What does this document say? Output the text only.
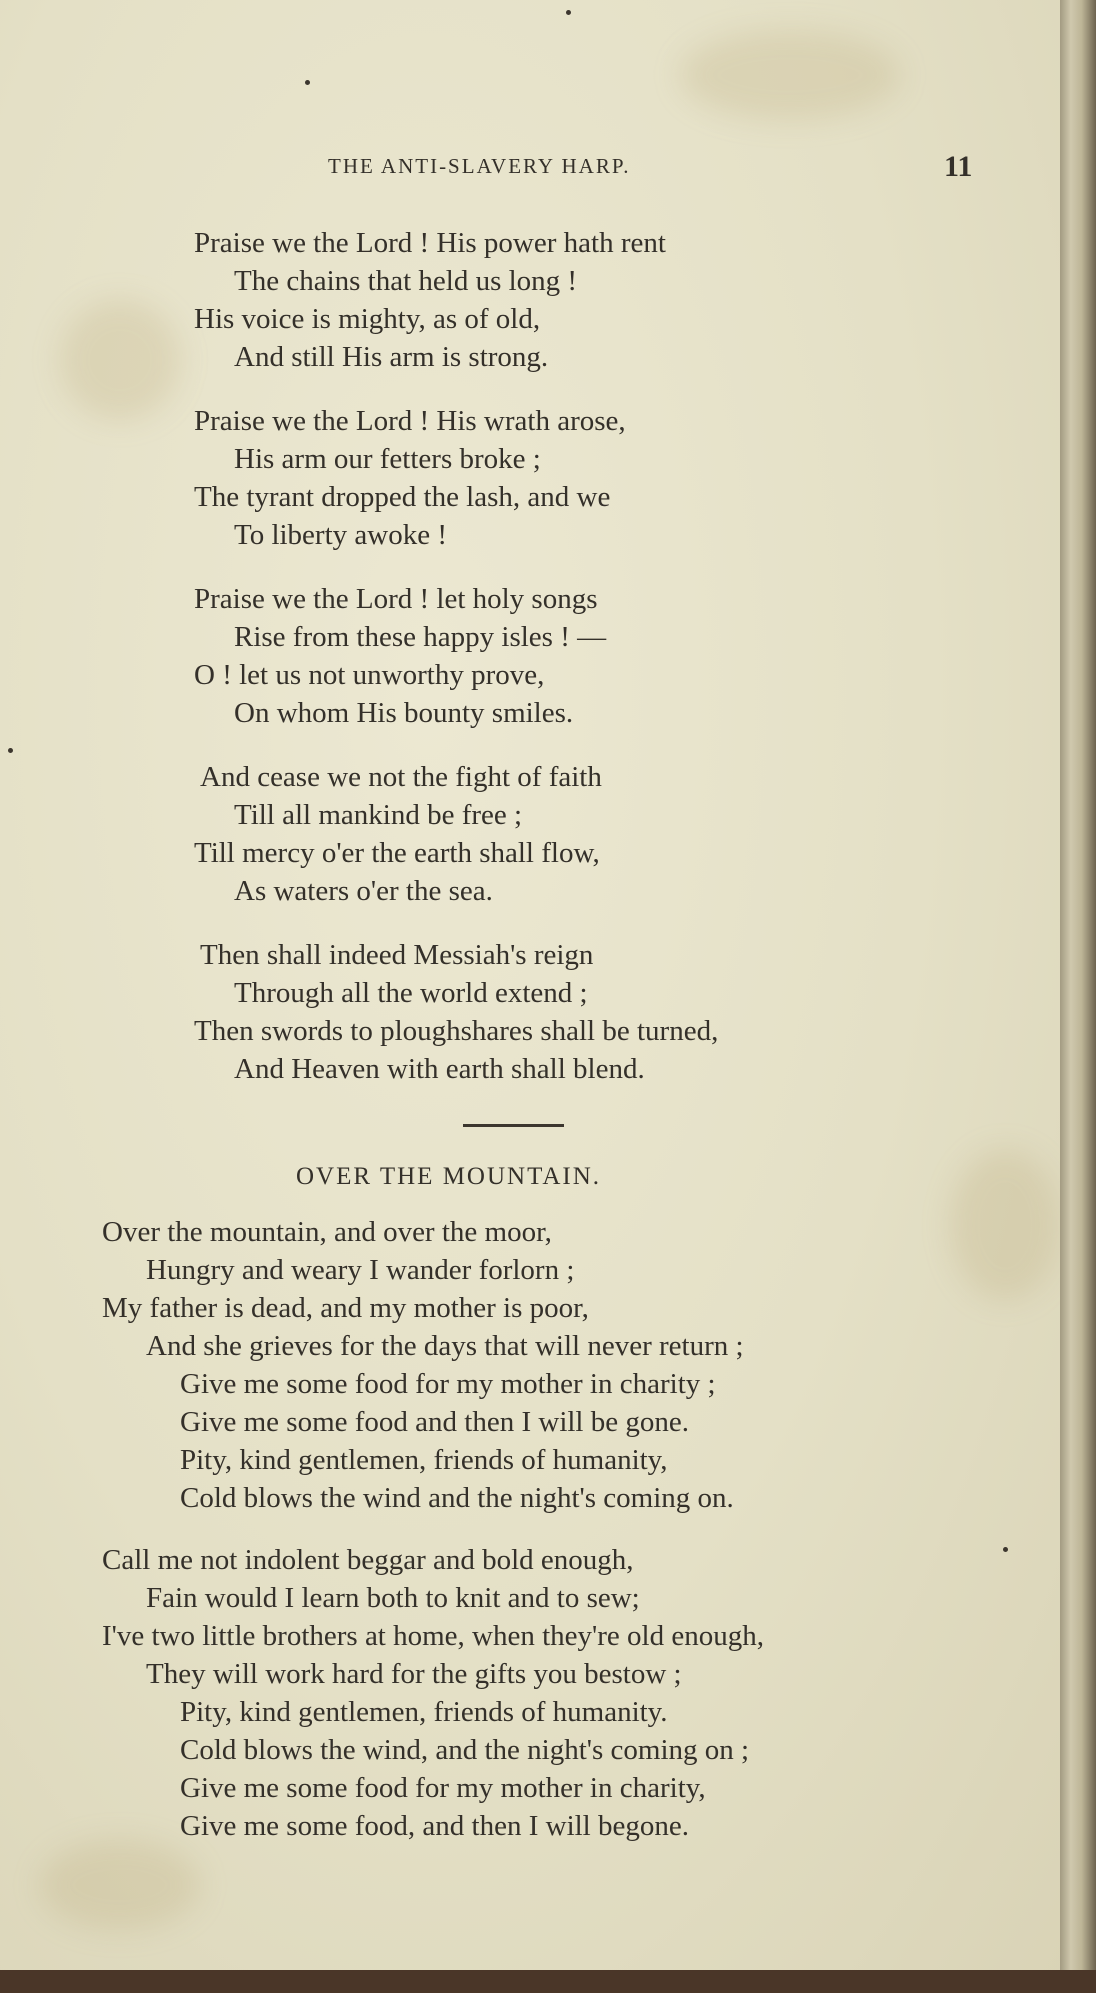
THE ANTI-SLAVERY HARP.	11
Praise we the Lord ! His power hath rent
The chains that held us long !
His voice is mighty, as of old,
And still His arm is strong.
Praise we the Lord ! His wrath arose,
His arm our fetters broke ;
The tyrant dropped the lash, and we
To liberty awoke !
Praise we the Lord ! let holy songs
Rise from these happy isles ! —
O ! let us not unworthy prove,
On whom His bounty smiles.
And cease we not the fight of faith
Till all mankind be free ;
Till mercy o'er the earth shall flow,
As waters o'er the sea.
Then shall indeed Messiah's reign
Through all the world extend ;
Then swords to ploughshares shall be turned,
And Heaven with earth shall blend.
OVER THE MOUNTAIN.
Over the mountain, and over the moor,
Hungry and weary I wander forlorn ;
My father is dead, and my mother is poor,
And she grieves for the days that will never return ;
Give me some food for my mother in charity ;
Give me some food and then I will be gone.
Pity, kind gentlemen, friends of humanity,
Cold blows the wind and the night's coming on.
Call me not indolent beggar and bold enough,
Fain would I learn both to knit and to sew;
I've two little brothers at home, when they're old enough,
They will work hard for the gifts you bestow ;
Pity, kind gentlemen, friends of humanity.
Cold blows the wind, and the night's coming on ;
Give me some food for my mother in charity,
Give me some food, and then I will begone.
